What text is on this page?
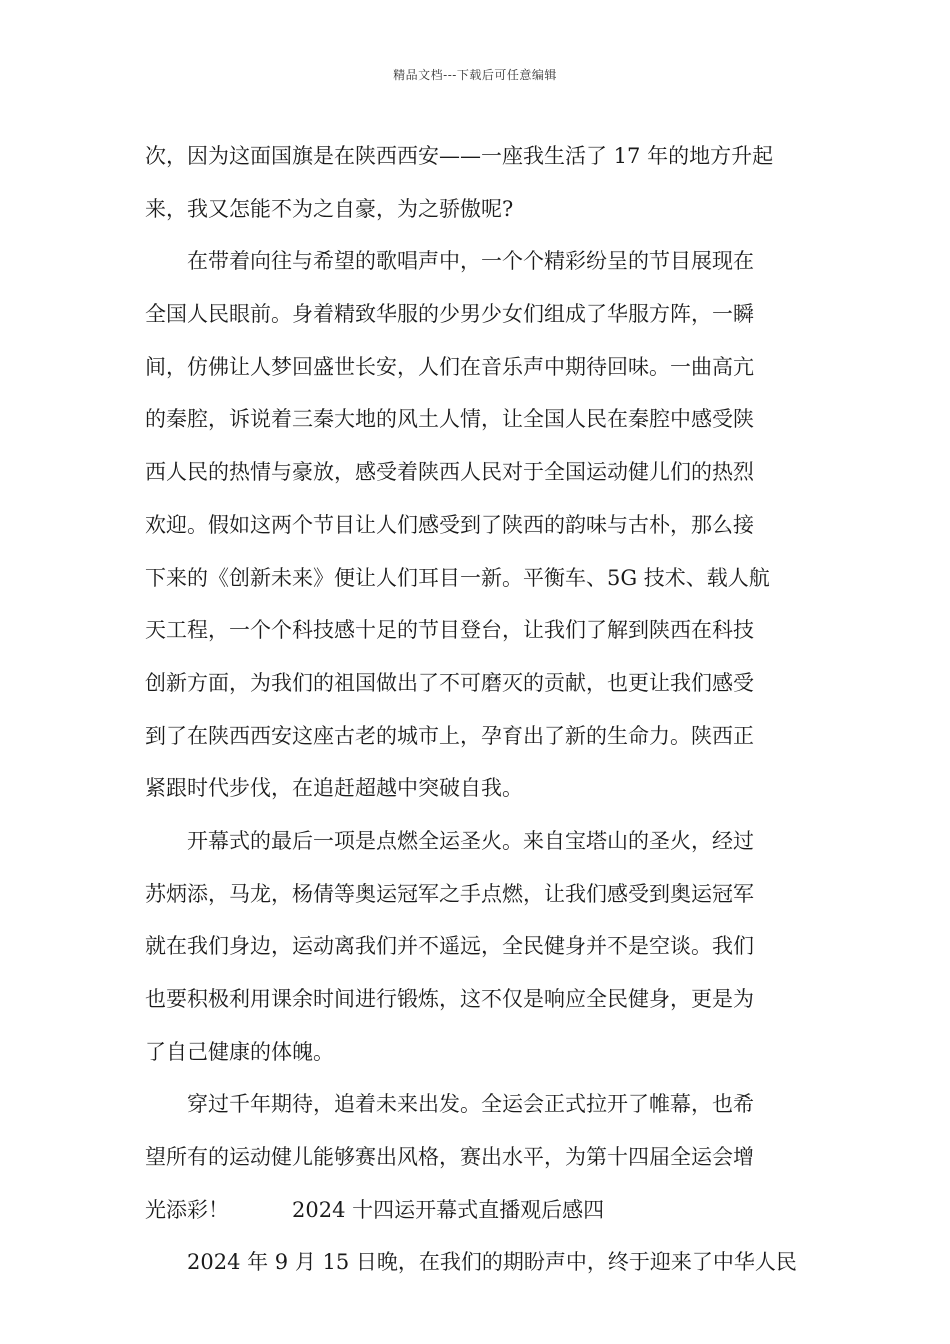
精品文档---下载后可任意编辑
次，因为这面国旗是在陕西西安——一座我生活了 17 年的地方升起
来，我又怎能不为之自豪，为之骄傲呢?
在带着向往与希望的歌唱声中，一个个精彩纷呈的节目展现在
全国人民眼前。身着精致华服的少男少女们组成了华服方阵，一瞬
间，仿佛让人梦回盛世长安，人们在音乐声中期待回味。一曲高亢
的秦腔，诉说着三秦大地的风土人情，让全国人民在秦腔中感受陕
西人民的热情与豪放，感受着陕西人民对于全国运动健儿们的热烈
欢迎。假如这两个节目让人们感受到了陕西的韵味与古朴，那么接
下来的《创新未来》便让人们耳目一新。平衡车、5G 技术、载人航
天工程，一个个科技感十足的节目登台，让我们了解到陕西在科技
创新方面，为我们的祖国做出了不可磨灭的贡献，也更让我们感受
到了在陕西西安这座古老的城市上，孕育出了新的生命力。陕西正
紧跟时代步伐，在追赶超越中突破自我。
开幕式的最后一项是点燃全运圣火。来自宝塔山的圣火，经过
苏炳添，马龙，杨倩等奥运冠军之手点燃，让我们感受到奥运冠军
就在我们身边，运动离我们并不遥远，全民健身并不是空谈。我们
也要积极利用课余时间进行锻炼，这不仅是响应全民健身，更是为
了自己健康的体魄。
穿过千年期待，追着未来出发。全运会正式拉开了帷幕，也希
望所有的运动健儿能够赛出风格，赛出水平，为第十四届全运会增
光添彩！　　　2024 十四运开幕式直播观后感四
2024 年 9 月 15 日晚，在我们的期盼声中，终于迎来了中华人民
